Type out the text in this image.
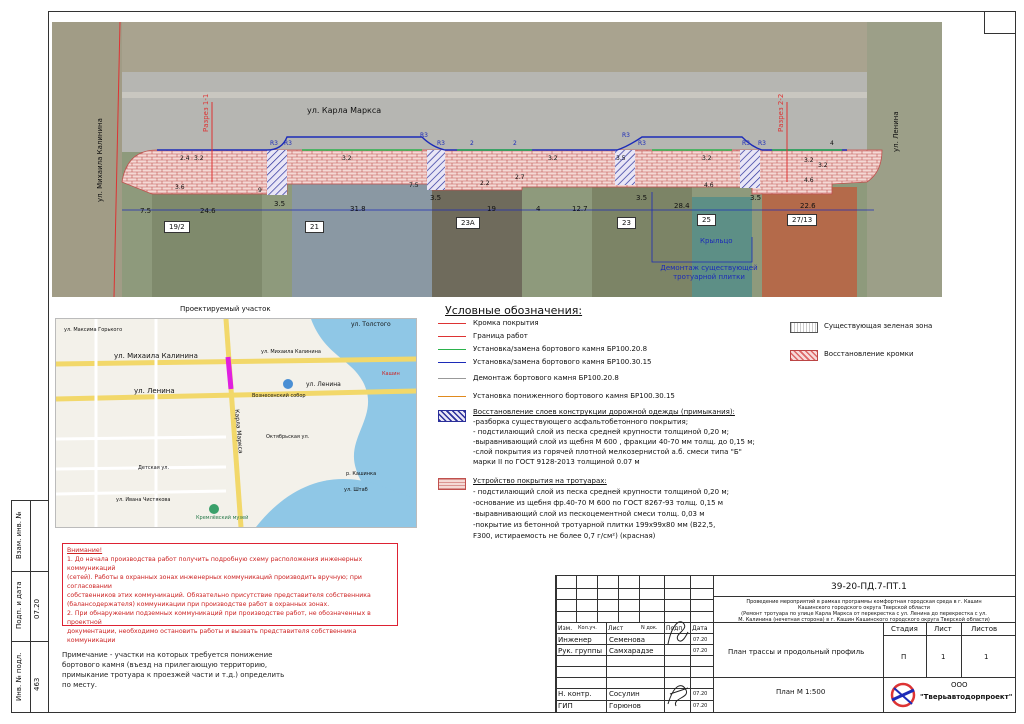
Взам. инв. №
Подп. и дата 07.20
Инв. № подл. 463
ул. Карла Маркса
ул. Михаила Калинина	ул. Ленина
Разрез 1-1	Разрез 2-2
7.5	24.6
3.5
31.8
3.5
19	4	12.7
3.5
28.4
3.5
22.6
R3 R3
R3
R3
R3
R3	R3 R3
2.4 3.2
3.6	9
3.2
7.5
2	2
2.2
2.7
3.2	3.5	3.2
4.6
3.2
4.6
3.2
4
19/2	21	23А	23	25	27/13
Крыльцо
Демонтаж существующей тротуарной плитки
Проектируемый участок
ул. Михаила Калинина
ул. Ленина
ул. Ленина
Карла Маркса
ул. Толстого
ул. Максима Горького
ул. Михаила Калинина
Вознесенский собор
Кремлёвский музей
Октябрьская ул.
Детская ул.
ул. Ивана Чистякова
р. Кашинка
ул. Штаб
Кашин
Условные обозначения:
Кромка покрытия
Граница работ
Установка/замена бортового камня БР100.20.8
Установка/замена бортового камня БР100.30.15
Демонтаж бортового камня БР100.20.8
Установка пониженного бортового камня БР100.30.15
Восстановление слоев конструкции дорожной одежды (примыкания):
-разборка существующего асфальтобетонного покрытия;
- подстилающий слой из песка средней крупности толщиной 0,20 м;
-выравнивающий слой из щебня М 600 , фракции 40-70 мм толщ. до 0,15 м;
-слой покрытия из горячей плотной мелкозернистой а.б. смеси типа "Б"
марки II по ГОСТ 9128-2013 толщиной 0.07 м
Устройство покрытия на тротуарах:
- подстилающий слой из песка средней крупности толщиной 0,20 м;
-основание из щебня фр.40-70 М 600 по ГОСТ 8267-93 толщ. 0,15 м
-выравнивающий слой из пескоцементной смеси толщ. 0,03 м
-покрытие из бетонной тротуарной плитки 199х99х80 мм (B22,5,
F300, истираемость не более 0,7 г/см²) (красная)
Существующая зеленая зона
Восстановление кромки
Внимание!
1. До начала производства работ получить подробную схему расположения инженерных коммуникаций
(сетей). Работы в охранных зонах инженерных коммуникаций производить вручную; при согласовании
собственников этих коммуникаций. Обязательно присутствие представителя собственника
(балансодержателя) коммуникации при производстве работ в охранных зонах.
2. При обнаружении подземных коммуникаций при производстве работ, не обозначенных в проектной
документации, необходимо остановить работы и вызвать представителя собственника коммуникации
Примечание - участки на которых требуется понижение
бортового камня (въезд на прилегающую территорию,
примыкание тротуара к проезжей части и т.д.) определить
по месту.
39-20-ПД.7-ПТ.1
Проведение мероприятий в рамках программы комфортная городская среда в г. Кашин
Кашинского городского округа Тверской области
(Ремонт тротуара по улице Карла Маркса от перекрестка с ул. Ленина до перекрестка с ул.
М. Калинина (нечетная сторона) в г. Кашин Кашинского городского округа Тверской области)
Изм. Кол.уч. Лист	N док. Подп. Дата
Инженер Семенова	07.20
Рук. группы Самхарадзе	07.20
Н. контр. Сосулин	07.20
ГИП	Горюнов	07.20
План трассы и продольный профиль
Стадия Лист	Листов
П	1	1
План М 1:500
ООО
"Тверьавтодорпроект"
